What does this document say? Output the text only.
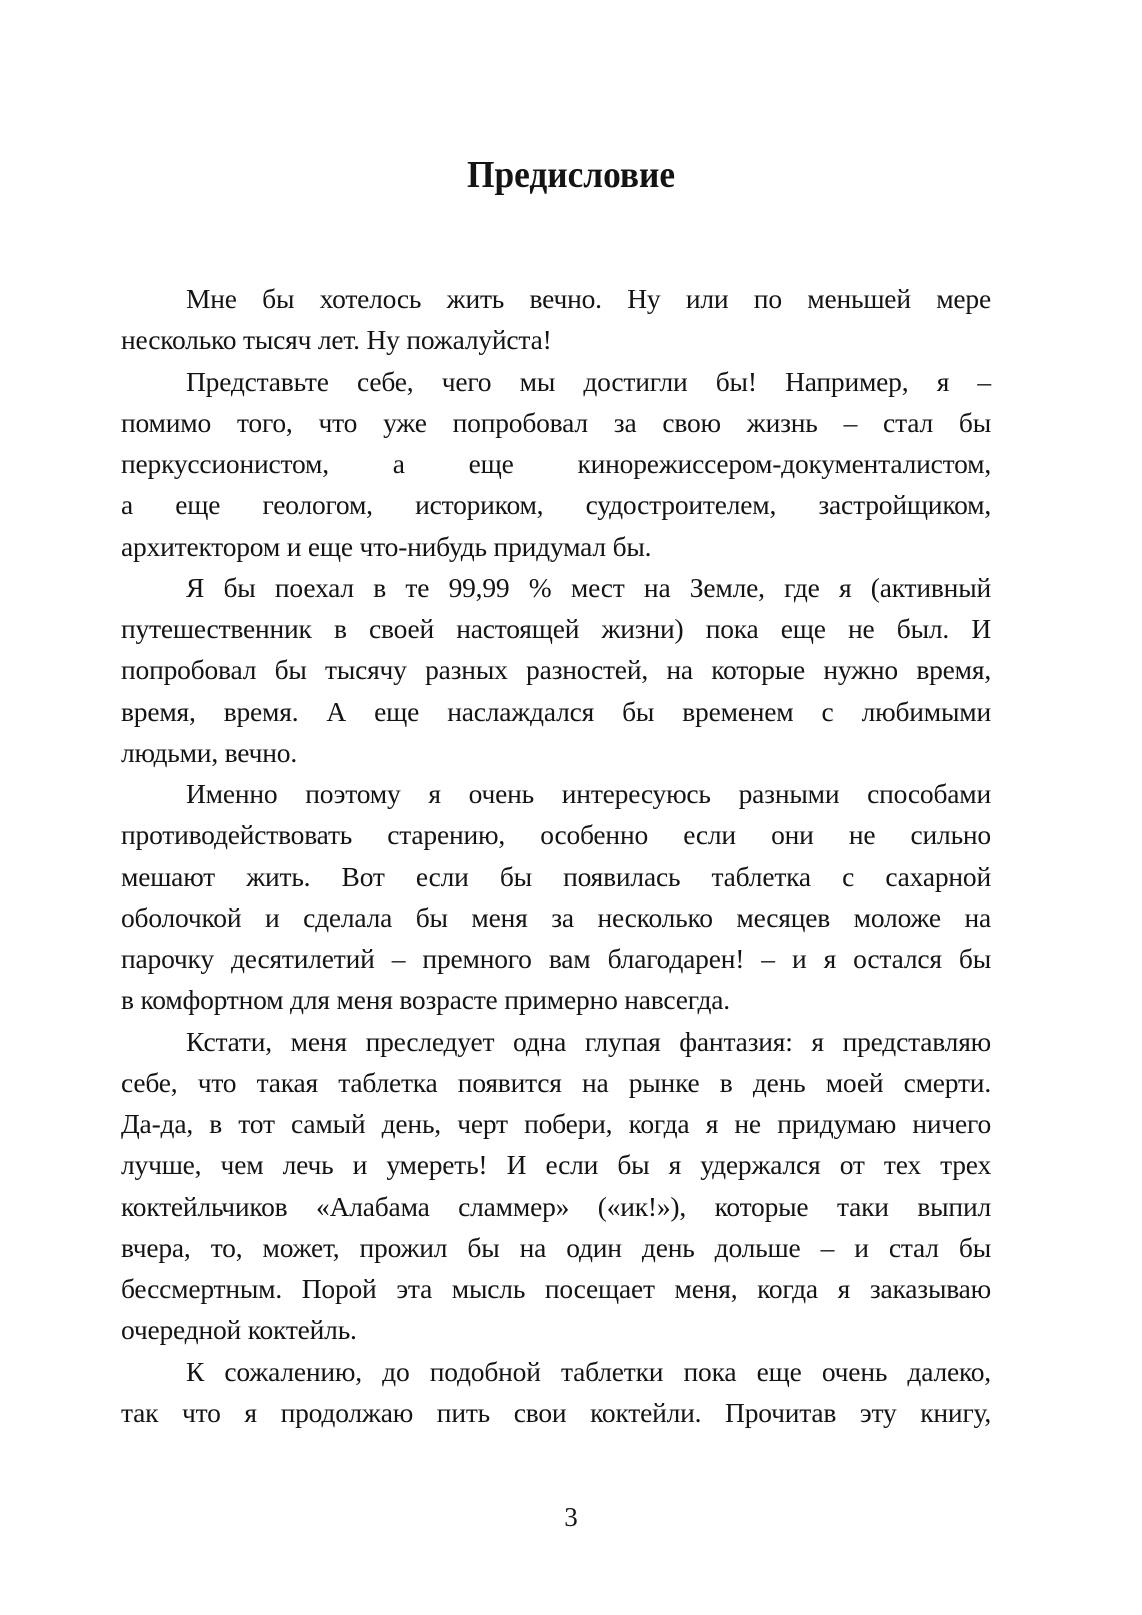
Предисловие
Мне бы хотелось жить вечно. Ну или по меньшей мере
несколько тысяч лет. Ну пожалуйста!
Представьте себе, чего мы достигли бы! Например, я –
помимо того, что уже попробовал за свою жизнь – стал бы
перкуссионистом, а еще кинорежиссером-документалистом,
а еще геологом, историком, судостроителем, застройщиком,
архитектором и еще что-нибудь придумал бы.
Я бы поехал в те 99,99 % мест на Земле, где я (активный
путешественник в своей настоящей жизни) пока еще не был. И
попробовал бы тысячу разных разностей, на которые нужно время,
время, время. А еще наслаждался бы временем с любимыми
людьми, вечно.
Именно поэтому я очень интересуюсь разными способами
противодействовать старению, особенно если они не сильно
мешают жить. Вот если бы появилась таблетка с сахарной
оболочкой и сделала бы меня за несколько месяцев моложе на
парочку десятилетий – премного вам благодарен! – и я остался бы
в комфортном для меня возрасте примерно навсегда.
Кстати, меня преследует одна глупая фантазия: я представляю
себе, что такая таблетка появится на рынке в день моей смерти.
Да-да, в тот самый день, черт побери, когда я не придумаю ничего
лучше, чем лечь и умереть! И если бы я удержался от тех трех
коктейльчиков «Алабама сламмер» («ик!»), которые таки выпил
вчера, то, может, прожил бы на один день дольше – и стал бы
бессмертным. Порой эта мысль посещает меня, когда я заказываю
очередной коктейль.
К сожалению, до подобной таблетки пока еще очень далеко,
так что я продолжаю пить свои коктейли. Прочитав эту книгу,
3
